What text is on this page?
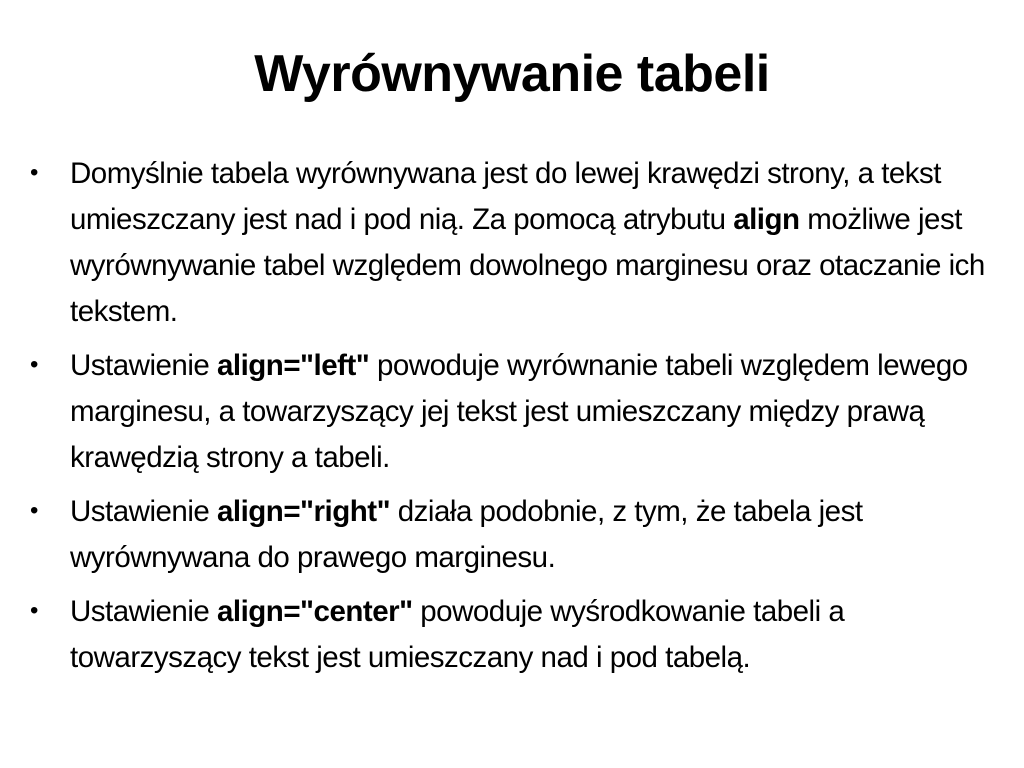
Wyrównywanie tabeli
• Domyślnie tabela wyrównywana jest do lewej krawędzi strony, a tekst umieszczany jest nad i pod nią. Za pomocą atrybutu align możliwe jest wyrównywanie tabel względem dowolnego marginesu oraz otaczanie ich tekstem.
• Ustawienie align="left" powoduje wyrównanie tabeli względem lewego marginesu, a towarzyszący jej tekst jest umieszczany między prawą krawędzią strony a tabeli.
• Ustawienie align="right" działa podobnie, z tym, że tabela jest wyrównywana do prawego marginesu.
• Ustawienie align="center" powoduje wyśrodkowanie tabeli a towarzyszący tekst jest umieszczany nad i pod tabelą.
